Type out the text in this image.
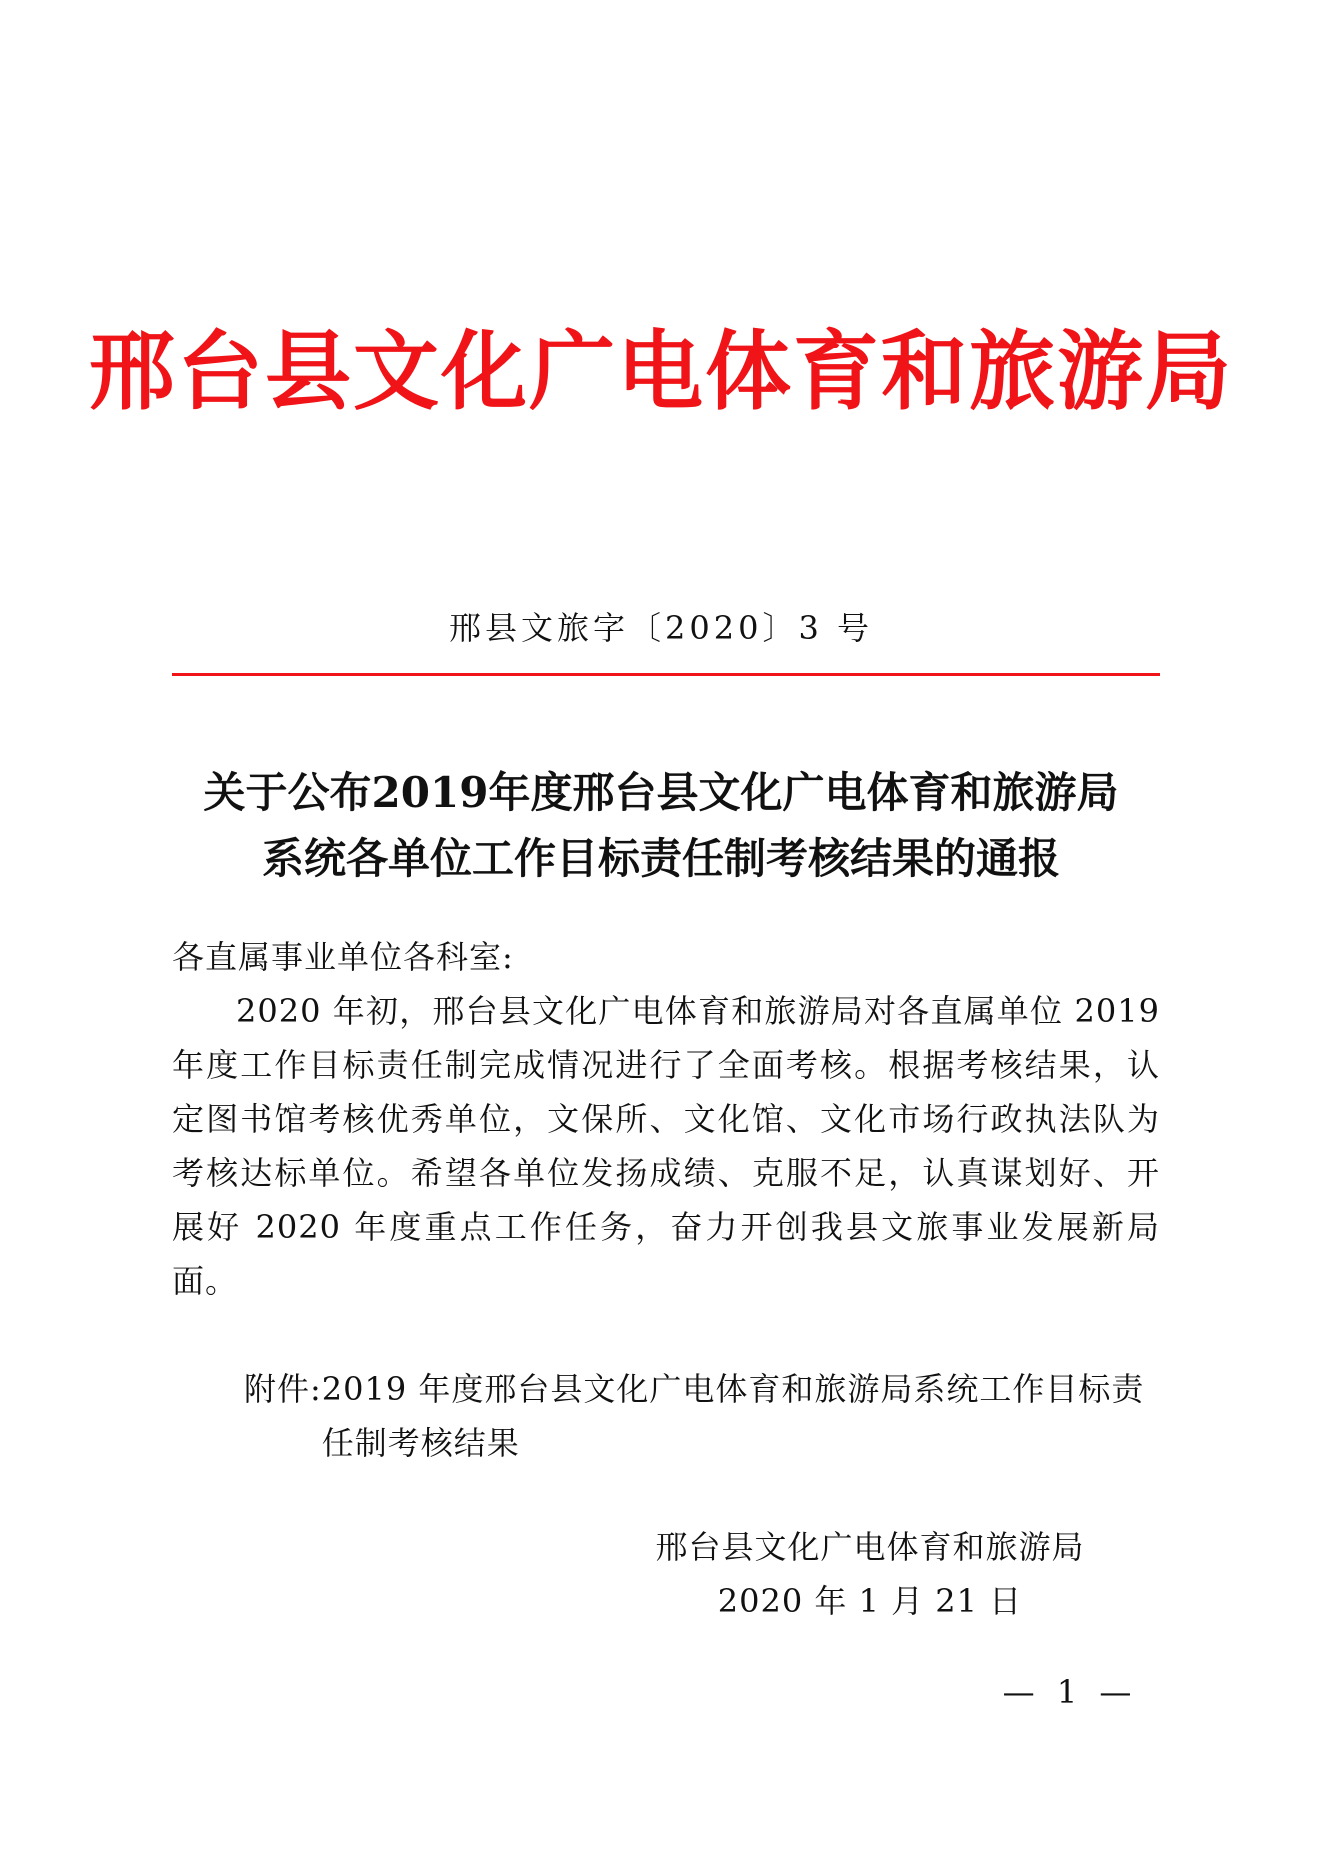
邢台县文化广电体育和旅游局
邢县文旅字〔2020〕3 号
关于公布2019年度邢台县文化广电体育和旅游局
系统各单位工作目标责任制考核结果的通报
各直属事业单位各科室:
2020 年初，邢台县文化广电体育和旅游局对各直属单位 2019 年度工作目标责任制完成情况进行了全面考核。根据考核结果，认定图书馆考核优秀单位，文保所、文化馆、文化市场行政执法队为考核达标单位。希望各单位发扬成绩、克服不足，认真谋划好、开展好 2020 年度重点工作任务，奋力开创我县文旅事业发展新局面。
附件: 2019 年度邢台县文化广电体育和旅游局系统工作目标责任制考核结果
邢台县文化广电体育和旅游局
2020 年 1 月 21 日
— 1 —
